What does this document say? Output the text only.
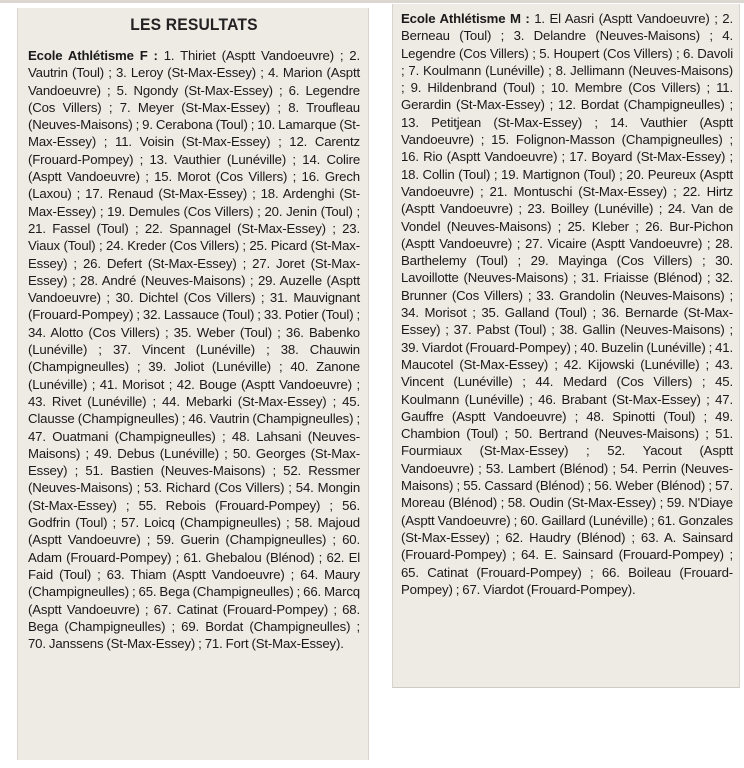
LES RESULTATS

Ecole Athlétisme F : 1. Thiriet (Asptt Vandoeuvre) ; 2. Vautrin (Toul) ; 3. Leroy (St-Max-Essey) ; 4. Marion (Asptt Vandoeuvre) ; 5. Ngondy (St-Max-Essey) ; 6. Legendre (Cos Villers) ; 7. Meyer (St-Max-Essey) ; 8. Troufleau (Neuves-Maisons) ; 9. Cerabona (Toul) ; 10. Lamarque (St-Max-Essey) ; 11. Voisin (St-Max-Essey) ; 12. Carentz (Frouard-Pompey) ; 13. Vauthier (Lunéville) ; 14. Colire (Asptt Vandoeuvre) ; 15. Morot (Cos Villers) ; 16. Grech (Laxou) ; 17. Renaud (St-Max-Essey) ; 18. Ardenghi (St-Max-Essey) ; 19. Demules (Cos Villers) ; 20. Jenin (Toul) ; 21. Fassel (Toul) ; 22. Spannagel (St-Max-Essey) ; 23. Viaux (Toul) ; 24. Kreder (Cos Villers) ; 25. Picard (St-Max-Essey) ; 26. Defert (St-Max-Essey) ; 27. Joret (St-Max-Essey) ; 28. André (Neuves-Maisons) ; 29. Auzelle (Asptt Vandoeuvre) ; 30. Dichtel (Cos Villers) ; 31. Mauvignant (Frouard-Pompey) ; 32. Lassauce (Toul) ; 33. Potier (Toul) ; 34. Alotto (Cos Villers) ; 35. Weber (Toul) ; 36. Babenko (Lunéville) ; 37. Vincent (Lunéville) ; 38. Chauwin (Champigneulles) ; 39. Joliot (Lunéville) ; 40. Zanone (Lunéville) ; 41. Morisot ; 42. Bouge (Asptt Vandoeuvre) ; 43. Rivet (Lunéville) ; 44. Mebarki (St-Max-Essey) ; 45. Clausse (Champigneulles) ; 46. Vautrin (Champigneulles) ; 47. Ouatmani (Champigneulles) ; 48. Lahsani (Neuves-Maisons) ; 49. Debus (Lunéville) ; 50. Georges (St-Max-Essey) ; 51. Bastien (Neuves-Maisons) ; 52. Ressmer (Neuves-Maisons) ; 53. Richard (Cos Villers) ; 54. Mongin (St-Max-Essey) ; 55. Rebois (Frouard-Pompey) ; 56. Godfrin (Toul) ; 57. Loicq (Champigneulles) ; 58. Majoud (Asptt Vandoeuvre) ; 59. Guerin (Champigneulles) ; 60. Adam (Frouard-Pompey) ; 61. Ghebalou (Blénod) ; 62. El Faid (Toul) ; 63. Thiam (Asptt Vandoeuvre) ; 64. Maury (Champigneulles) ; 65. Bega (Champigneulles) ; 66. Marcq (Asptt Vandoeuvre) ; 67. Catinat (Frouard-Pompey) ; 68. Bega (Champigneulles) ; 69. Bordat (Champigneulles) ; 70. Janssens (St-Max-Essey) ; 71. Fort (St-Max-Essey).

Ecole Athlétisme M : 1. El Aasri (Asptt Vandoeuvre) ; 2. Berneau (Toul) ; 3. Delandre (Neuves-Maisons) ; 4. Legendre (Cos Villers) ; 5. Houpert (Cos Villers) ; 6. Davoli ; 7. Koulmann (Lunéville) ; 8. Jellimann (Neuves-Maisons) ; 9. Hildenbrand (Toul) ; 10. Membre (Cos Villers) ; 11. Gerardin (St-Max-Essey) ; 12. Bordat (Champigneulles) ; 13. Petitjean (St-Max-Essey) ; 14. Vauthier (Asptt Vandoeuvre) ; 15. Folignon-Masson (Champigneulles) ; 16. Rio (Asptt Vandoeuvre) ; 17. Boyard (St-Max-Essey) ; 18. Collin (Toul) ; 19. Martignon (Toul) ; 20. Peureux (Asptt Vandoeuvre) ; 21. Montuschi (St-Max-Essey) ; 22. Hirtz (Asptt Vandoeuvre) ; 23. Boilley (Lunéville) ; 24. Van de Vondel (Neuves-Maisons) ; 25. Kleber ; 26. Bur-Pichon (Asptt Vandoeuvre) ; 27. Vicaire (Asptt Vandoeuvre) ; 28. Barthelemy (Toul) ; 29. Mayinga (Cos Villers) ; 30. Lavoillotte (Neuves-Maisons) ; 31. Friaisse (Blénod) ; 32. Brunner (Cos Villers) ; 33. Grandolin (Neuves-Maisons) ; 34. Morisot ; 35. Galland (Toul) ; 36. Bernarde (St-Max-Essey) ; 37. Pabst (Toul) ; 38. Gallin (Neuves-Maisons) ; 39. Viardot (Frouard-Pompey) ; 40. Buzelin (Lunéville) ; 41. Maucotel (St-Max-Essey) ; 42. Kijowski (Lunéville) ; 43. Vincent (Lunéville) ; 44. Medard (Cos Villers) ; 45. Koulmann (Lunéville) ; 46. Brabant (St-Max-Essey) ; 47. Gauffre (Asptt Vandoeuvre) ; 48. Spinotti (Toul) ; 49. Chambion (Toul) ; 50. Bertrand (Neuves-Maisons) ; 51. Fourmiaux (St-Max-Essey) ; 52. Yacout (Asptt Vandoeuvre) ; 53. Lambert (Blénod) ; 54. Perrin (Neuves-Maisons) ; 55. Cassard (Blénod) ; 56. Weber (Blénod) ; 57. Moreau (Blénod) ; 58. Oudin (St-Max-Essey) ; 59. N'Diaye (Asptt Vandoeuvre) ; 60. Gaillard (Lunéville) ; 61. Gonzales (St-Max-Essey) ; 62. Haudry (Blénod) ; 63. A. Sainsard (Frouard-Pompey) ; 64. E. Sainsard (Frouard-Pompey) ; 65. Catinat (Frouard-Pompey) ; 66. Boileau (Frouard-Pompey) ; 67. Viardot (Frouard-Pompey).
